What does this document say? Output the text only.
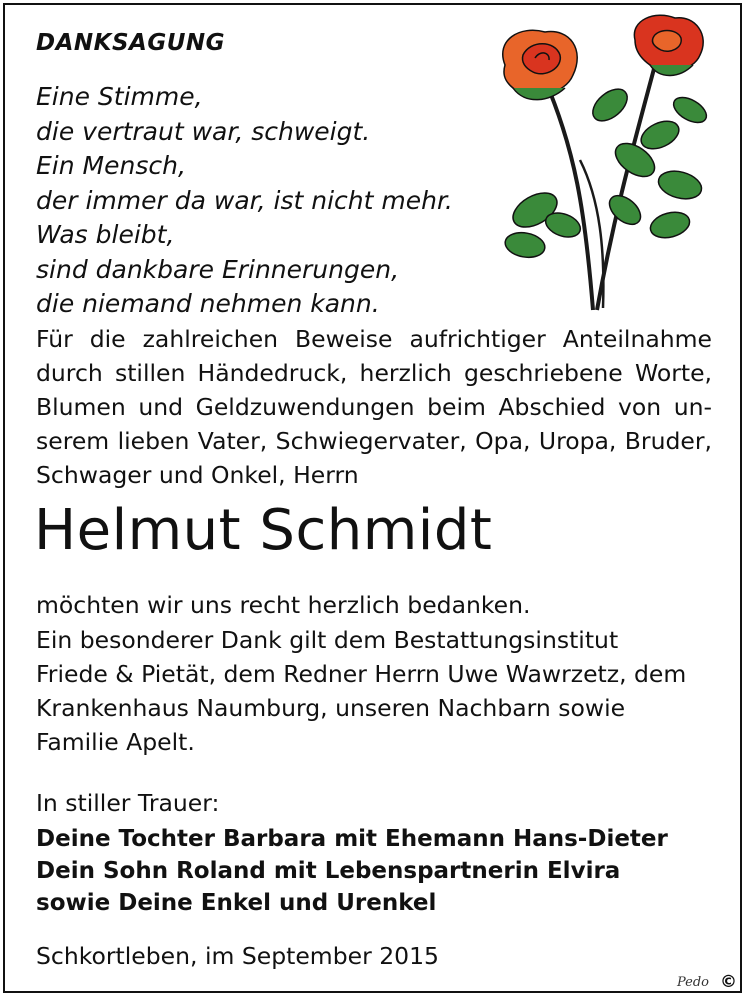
DANKSAGUNG

Eine Stimme,
die vertraut war, schweigt.
Ein Mensch,
der immer da war, ist nicht mehr.
Was bleibt,
sind dankbare Erinnerungen,
die niemand nehmen kann.

Für die zahlreichen Beweise aufrichtiger Anteilnahme durch stillen Händedruck, herzlich geschriebene Worte, Blumen und Geldzuwendungen beim Abschied von unserem lieben Vater, Schwiegervater, Opa, Uropa, Bruder, Schwager und Onkel, Herrn

Helmut Schmidt

möchten wir uns recht herzlich bedanken.

Ein besonderer Dank gilt dem Bestattungsinstitut
Friede & Pietät, dem Redner Herrn Uwe Wawrzetz, dem
Krankenhaus Naumburg, unseren Nachbarn sowie
Familie Apelt.

In stiller Trauer:

Deine Tochter Barbara mit Ehemann Hans-Dieter
Dein Sohn Roland mit Lebenspartnerin Elvira
sowie Deine Enkel und Urenkel

Schkortleben, im September 2015

Pedo ©
